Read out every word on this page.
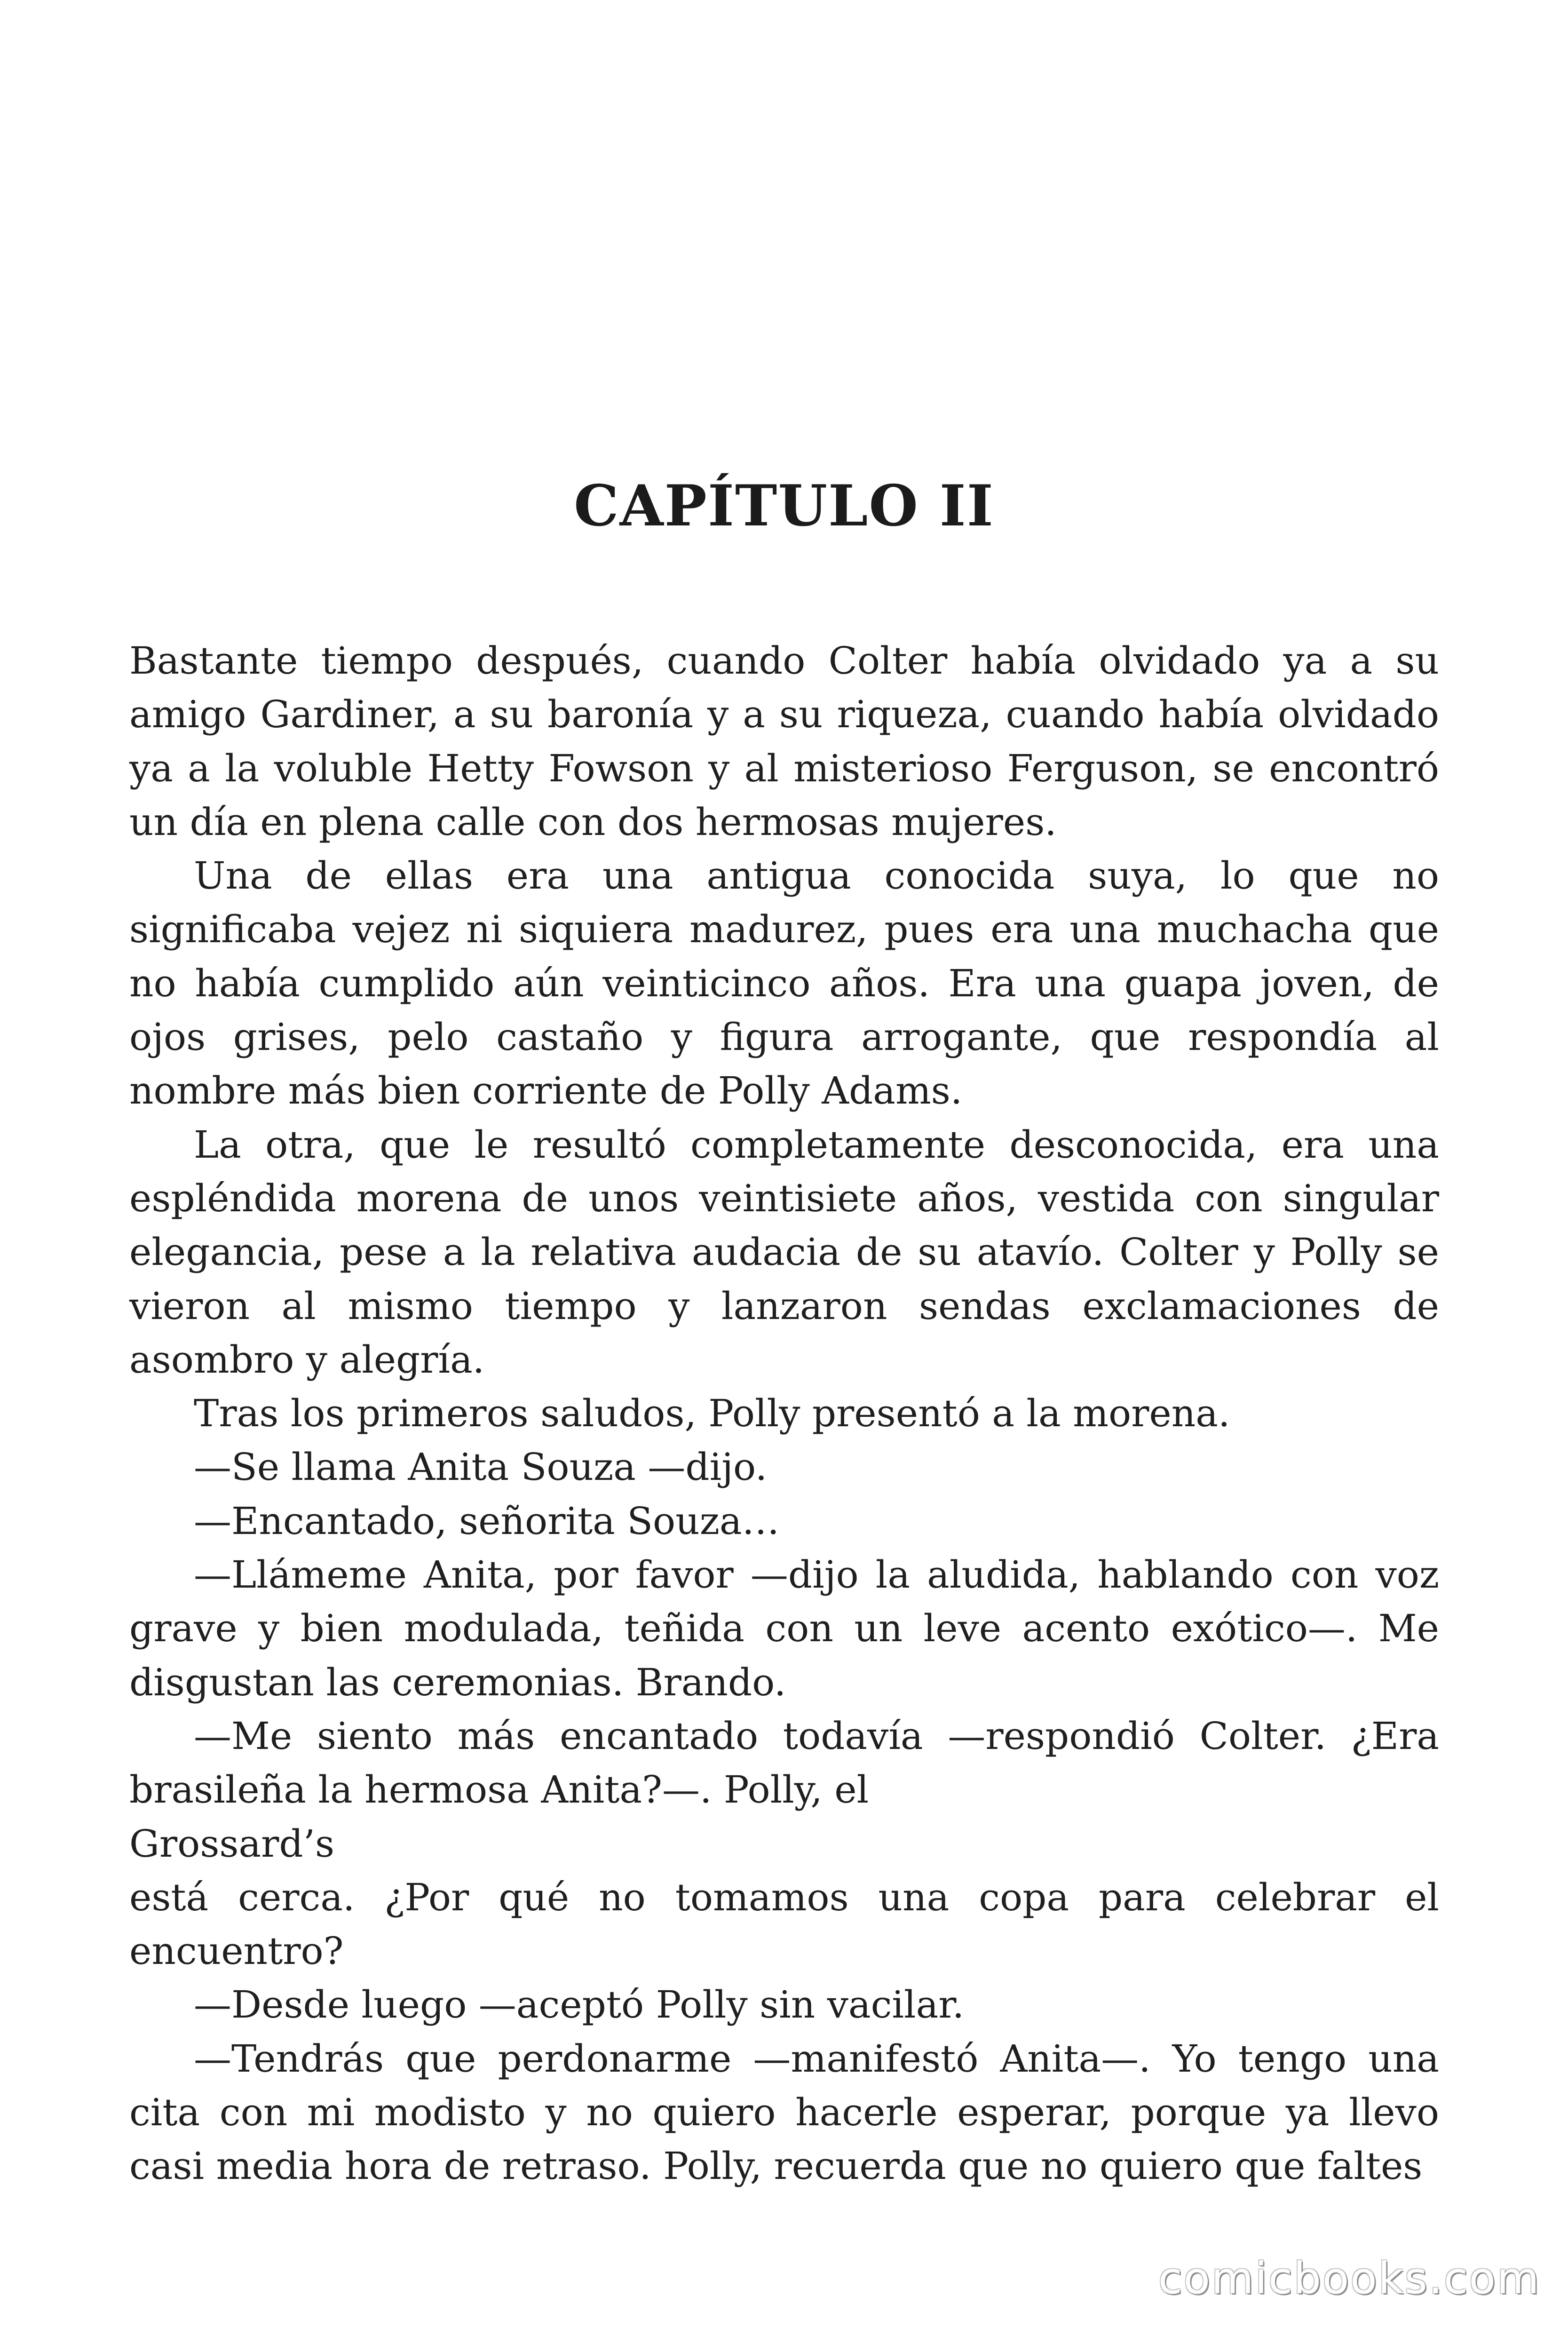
CAPÍTULO II

Bastante tiempo después, cuando Colter había olvidado ya a su amigo Gardiner, a su baronía y a su riqueza, cuando había olvidado ya a la voluble Hetty Fowson y al misterioso Ferguson, se encontró un día en plena calle con dos hermosas mujeres.

Una de ellas era una antigua conocida suya, lo que no significaba vejez ni siquiera madurez, pues era una muchacha que no había cumplido aún veinticinco años. Era una guapa joven, de ojos grises, pelo castaño y figura arrogante, que respondía al nombre más bien corriente de Polly Adams.

La otra, que le resultó completamente desconocida, era una espléndida morena de unos veintisiete años, vestida con singular elegancia, pese a la relativa audacia de su atavío. Colter y Polly se vieron al mismo tiempo y lanzaron sendas exclamaciones de asombro y alegría.

Tras los primeros saludos, Polly presentó a la morena.

—Se llama Anita Souza —dijo.

—Encantado, señorita Souza…

—Llámeme Anita, por favor —dijo la aludida, hablando con voz grave y bien modulada, teñida con un leve acento exótico—. Me disgustan las ceremonias. Brando.

—Me siento más encantado todavía —respondió Colter. ¿Era brasileña la hermosa Anita?—. Polly, el

Grossard’s

está cerca. ¿Por qué no tomamos una copa para celebrar el encuentro?

—Desde luego —aceptó Polly sin vacilar.

—Tendrás que perdonarme —manifestó Anita—. Yo tengo una cita con mi modisto y no quiero hacerle esperar, porque ya llevo casi media hora de retraso. Polly, recuerda que no quiero que faltes

comicbooks.com
